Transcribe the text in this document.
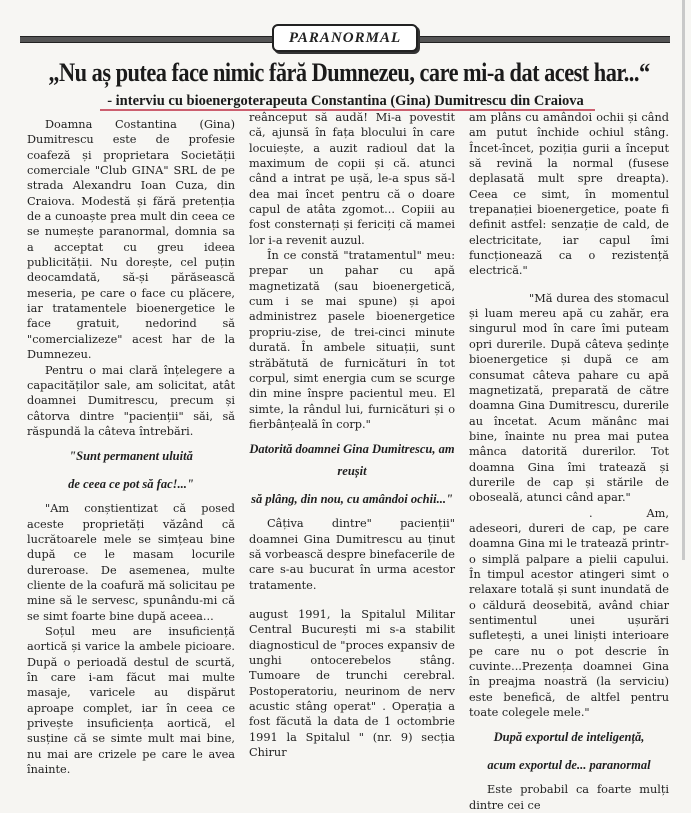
PARANORMAL
„Nu aș putea face nimic fără Dumnezeu, care mi-a dat acest har...“
- interviu cu bioenergoterapeuta Constantina (Gina) Dumitrescu din Craiova

Doamna Costantina (Gina) Dumitrescu este de profesie coafeză și proprietara Societății comerciale "Club GINA" SRL de pe strada Alexandru Ioan Cuza, din Craiova. Modestă și fără pretenția de a cunoaște prea mult din ceea ce se numește paranormal, domnia sa a acceptat cu greu ideea publicității. Nu dorește, cel puțin deocamdată, să-și părăsească meseria, pe care o face cu plăcere, iar tratamentele bioenergetice le face gratuit, nedorind să "comercializeze" acest har de la Dumnezeu.

Pentru o mai clară înțelegere a capacităților sale, am solicitat, atât doamnei Dumitrescu, precum și câtorva dintre "pacienții" săi, să răspundă la câteva întrebări.

"Sunt permanent uluită

de ceea ce pot să fac!..."

"Am conștientizat că posed aceste proprietăți văzând că lucrătoarele mele se simțeau bine după ce le masam locurile dureroase. De asemenea, multe cliente de la coafură mă solicitau pe mine să le servesc, spunându-mi că se simt foarte bine după aceea...

Soțul meu are insuficiență aortică și varice la ambele picioare. După o perioadă destul de scurtă, în care i-am făcut mai multe masaje, varicele au dispărut aproape complet, iar în ceea ce privește insuficiența aortică, el susține că se simte mult mai bine, nu mai are crizele pe care le avea înainte.

reânceput să audă! Mi-a povestit că, ajunsă în fața blocului în care locuiește, a auzit radioul dat la maximum de copii și că. atunci când a intrat pe ușă, le-a spus să-l dea mai încet pentru că o doare capul de atâta zgomot... Copiii au fost consternați și fericiți că mamei lor i-a revenit auzul.

În ce constă "tratamentul" meu: prepar un pahar cu apă magnetizată (sau bioenergetică, cum i se mai spune) și apoi administrez pasele bioenergetice propriu-zise, de trei-cinci minute durată. În ambele situații, sunt străbătută de furnicături în tot corpul, simt energia cum se scurge din mine înspre pacientul meu. El simte, la rândul lui, furnicături și o fierbânțeală în corp."

Datorită doamnei Gina Dumitrescu, am reușit

să plâng, din nou, cu amândoi ochii..."

Câțiva dintre" pacienții" doamnei Gina Dumitrescu au ținut să vorbească despre binefacerile de care s-au bucurat în urma acestor tratamente.

august 1991, la Spitalul Militar Central București mi s-a stabilit diagnosticul de "proces expansiv de unghi ontocerebelos stâng. Tumoare de trunchi cerebral. Postoperatoriu, neurinom de nerv acustic stâng operat" . Operația a fost făcută la data de 1 octombrie 1991 la Spitalul " (nr. 9) secția Chirur

am plâns cu amândoi ochii și când am putut închide ochiul stâng. Încet-încet, poziția gurii a început să revină la normal (fusese deplasată mult spre dreapta). Ceea ce simt, în momentul trepanației bioenergetice, poate fi definit astfel: senzație de cald, de electricitate, iar capul îmi funcționează ca o rezistență electrică."

"Mă durea des stomacul și luam mereu apă cu zahăr, era singurul mod în care îmi puteam opri durerile. După câteva ședințe bioenergetice și după ce am consumat câteva pahare cu apă magnetizată, preparată de către doamna Gina Dumitrescu, durerile au încetat. Acum mănânc mai bine, înainte nu prea mai putea mânca datorită durerilor. Tot doamna Gina îmi tratează și durerile de cap și stările de oboseală, atunci când apar."

. Am, adeseori, dureri de cap, pe care doamna Gina mi le tratează printr-o simplă palpare a pielii capului. În timpul acestor atingeri simt o relaxare totală și sunt inundată de o căldură deosebită, având chiar sentimentul unei ușurări sufletești, a unei liniști interioare pe care nu o pot descrie în cuvinte...Prezența doamnei Gina în preajma noastră (la serviciu) este benefică, de altfel pentru toate colegele mele."

După exportul de inteligență,

acum exportul de... paranormal

Este probabil ca foarte mulți dintre cei ce
